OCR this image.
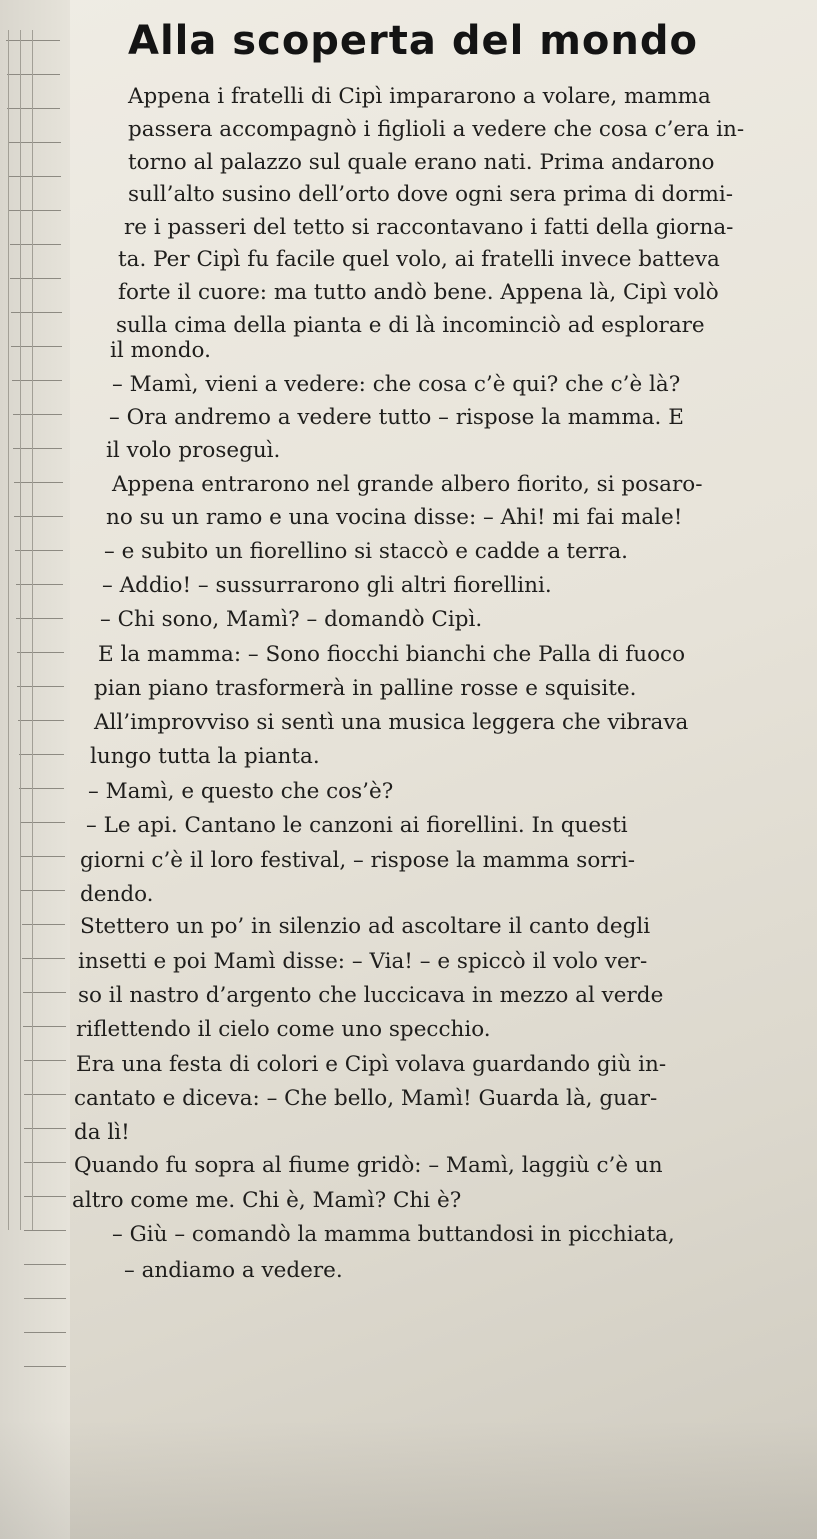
Alla scoperta del mondo
Appena i fratelli di Cipì impararono a volare, mamma
passera accompagnò i figlioli a vedere che cosa c’era in-
torno al palazzo sul quale erano nati. Prima andarono
sull’alto susino dell’orto dove ogni sera prima di dormi-
re i passeri del tetto si raccontavano i fatti della giorna-
ta. Per Cipì fu facile quel volo, ai fratelli invece batteva
forte il cuore: ma tutto andò bene. Appena là, Cipì volò
sulla cima della pianta e di là incominciò ad esplorare
il mondo.
– Mamì, vieni a vedere: che cosa c’è qui? che c’è là?
– Ora andremo a vedere tutto – rispose la mamma. E
il volo proseguì.
Appena entrarono nel grande albero fiorito, si posaro-
no su un ramo e una vocina disse: – Ahi! mi fai male!
– e subito un fiorellino si staccò e cadde a terra.
– Addio! – sussurrarono gli altri fiorellini.
– Chi sono, Mamì? – domandò Cipì.
E la mamma: – Sono fiocchi bianchi che Palla di fuoco
pian piano trasformerà in palline rosse e squisite.
All’improvviso si sentì una musica leggera che vibrava
lungo tutta la pianta.
– Mamì, e questo che cos’è?
– Le api. Cantano le canzoni ai fiorellini. In questi
giorni c’è il loro festival, – rispose la mamma sorri-
dendo.
Stettero un po’ in silenzio ad ascoltare il canto degli
insetti e poi Mamì disse: – Via! – e spiccò il volo ver-
so il nastro d’argento che luccicava in mezzo al verde
riflettendo il cielo come uno specchio.
Era una festa di colori e Cipì volava guardando giù in-
cantato e diceva: – Che bello, Mamì! Guarda là, guar-
da lì!
Quando fu sopra al fiume gridò: – Mamì, laggiù c’è un
altro come me. Chi è, Mamì? Chi è?
– Giù – comandò la mamma buttandosi in picchiata,
– andiamo a vedere.
